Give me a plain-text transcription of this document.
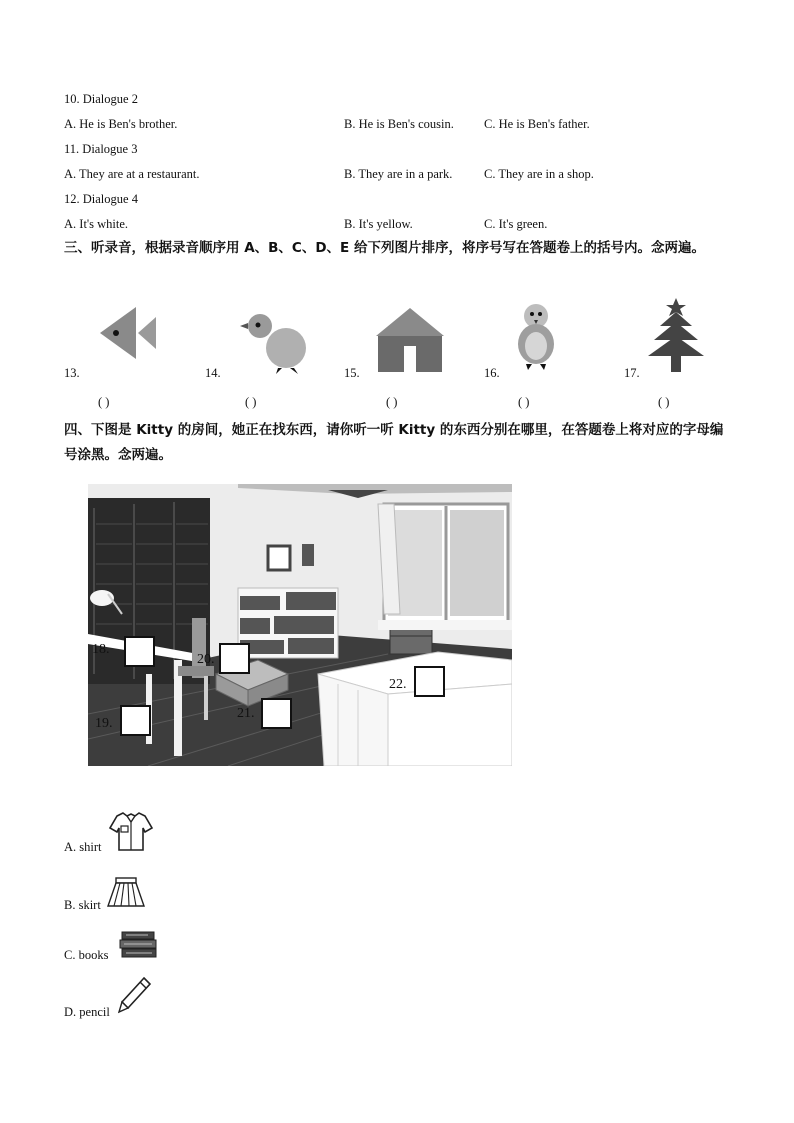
10. Dialogue 2
A. He is Ben's brother.	B. He is Ben's cousin. C. He is Ben's father.
11. Dialogue 3
A. They are at a restaurant.	B. They are in a park.	C. They are in a shop.
12. Dialogue 4
A. It's white.	B. It's yellow.	C. It's green.
三、听录音，根据录音顺序用 A、B、C、D、E 给下列图片排序，将序号写在答题卷上的括号内。念两遍。
13.
( )
14.
( )
15.
( )
16.
( )
17.
( )
四、下图是 Kitty 的房间，她正在找东西，请你听一听 Kitty 的东西分别在哪里，在答题卷上将对应的字母编号涂黑。念两遍。
18.
19.
20.
21.
22.
A. shirt
B. skirt
C. books
D. pencil
